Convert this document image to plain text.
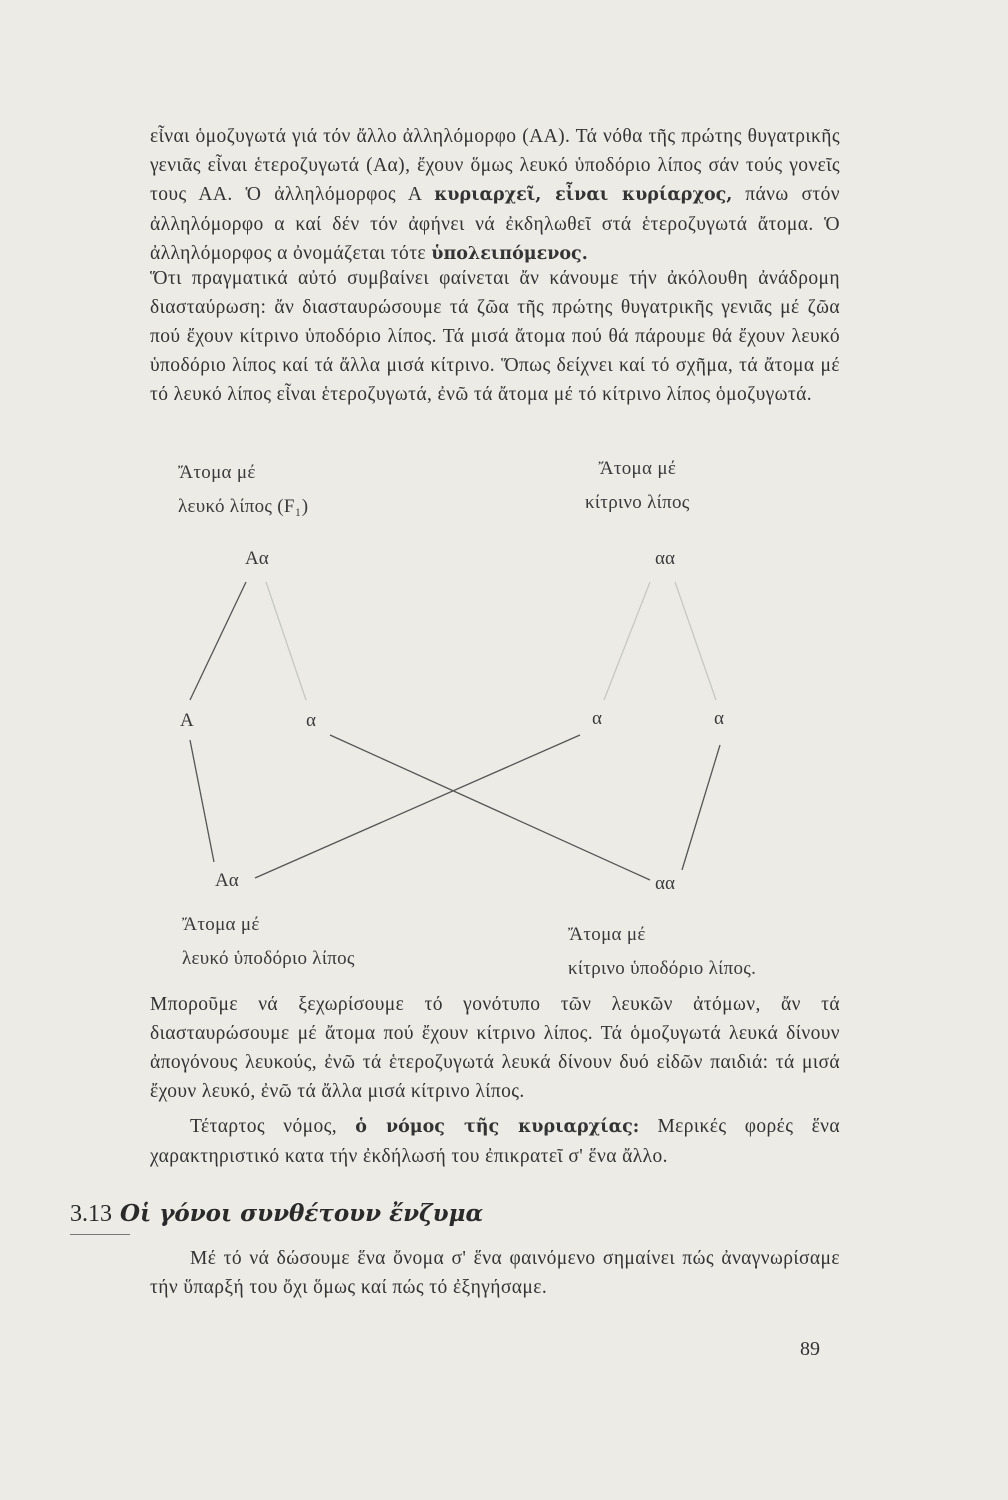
εἶναι ὁμοζυγωτά γιά τόν ἄλλο ἀλληλόμορφο (ΑΑ). Τά νόθα τῆς πρώτης θυγατρικῆς γενιᾶς εἶναι ἑτεροζυγωτά (Αα), ἔχουν ὅμως λευκό ὑποδόριο λίπος σάν τούς γονεῖς τους ΑΑ. Ὁ ἀλληλόμορφος Α κυριαρχεῖ, εἶναι κυρίαρχος, πάνω στόν ἀλληλόμορφο α καί δέν τόν ἀφήνει νά ἐκδηλωθεῖ στά ἑτεροζυγωτά ἄτομα. Ὁ ἀλληλόμορφος α ὀνομάζεται τότε ὑπολειπόμενος.

Ὅτι πραγματικά αὐτό συμβαίνει φαίνεται ἄν κάνουμε τήν ἀκόλουθη ἀνάδρομη διασταύρωση: ἄν διασταυρώσουμε τά ζῶα τῆς πρώτης θυγατρικῆς γενιᾶς μέ ζῶα πού ἔχουν κίτρινο ὑποδόριο λίπος. Τά μισά ἄτομα πού θά πάρουμε θά ἔχουν λευκό ὑποδόριο λίπος καί τά ἄλλα μισά κίτρινο. Ὅπως δείχνει καί τό σχῆμα, τά ἄτομα μέ τό λευκό λίπος εἶναι ἑτεροζυγωτά, ἐνῶ τά ἄτομα μέ τό κίτρινο λίπος ὁμοζυγωτά.

Ἄτομα μέ
λευκό λίπος (F₁)
Ἄτομα μέ
κίτρινο λίπος
Αα	αα
Α	α	α	α
Αα	αα
Ἄτομα μέ
λευκό ὑποδόριο λίπος
Ἄτομα μέ
κίτρινο ὑποδόριο λίπος.

Μποροῦμε νά ξεχωρίσουμε τό γονότυπο τῶν λευκῶν ἀτόμων, ἄν τά διασταυρώσουμε μέ ἄτομα πού ἔχουν κίτρινο λίπος. Τά ὁμοζυγωτά λευκά δίνουν ἀπογόνους λευκούς, ἐνῶ τά ἑτεροζυγωτά λευκά δίνουν δυό εἰδῶν παιδιά: τά μισά ἔχουν λευκό, ἐνῶ τά ἄλλα μισά κίτρινο λίπος.

Τέταρτος νόμος, ὁ νόμος τῆς κυριαρχίας: Μερικές φορές ἕνα χαρακτηριστικό κατα τήν ἐκδήλωσή του ἐπικρατεῖ σ' ἕνα ἄλλο.

3.13 Οἱ γόνοι συνθέτουν ἔνζυμα

Μέ τό νά δώσουμε ἕνα ὄνομα σ' ἕνα φαινόμενο σημαίνει πώς ἀναγνωρίσαμε τήν ὕπαρξή του ὄχι ὅμως καί πώς τό ἐξηγήσαμε.

89
